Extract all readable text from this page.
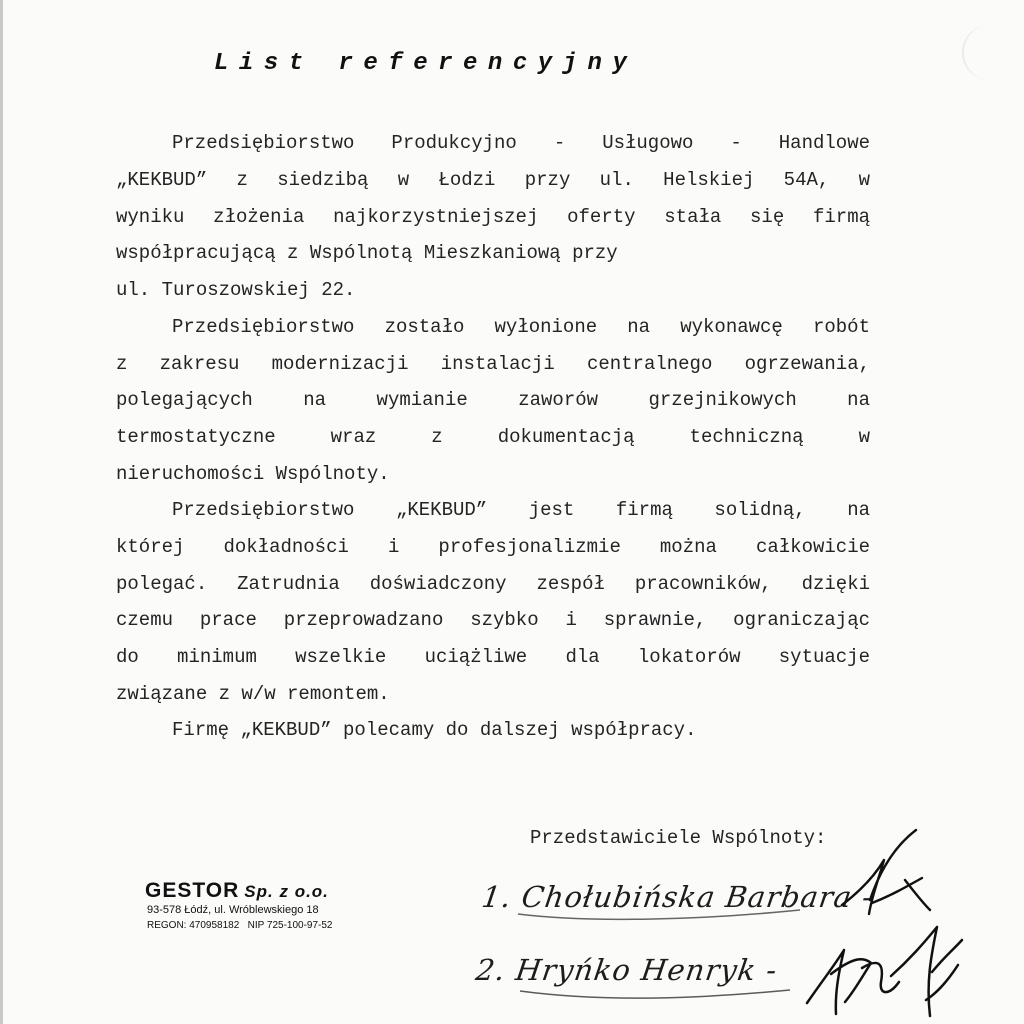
List referencyjny
Przedsiębiorstwo Produkcyjno - Usługowo - Handlowe
„KEKBUD” z siedzibą w Łodzi przy ul. Helskiej 54A, w
wyniku złożenia najkorzystniejszej oferty stała się firmą
współpracującą z Wspólnotą Mieszkaniową przy
ul. Turoszowskiej 22.
Przedsiębiorstwo zostało wyłonione na wykonawcę robót
z zakresu modernizacji instalacji centralnego ogrzewania,
polegających na wymianie zaworów grzejnikowych na
termostatyczne wraz z dokumentacją techniczną w
nieruchomości Wspólnoty.
Przedsiębiorstwo „KEKBUD” jest firmą solidną, na
której dokładności i profesjonalizmie można całkowicie
polegać. Zatrudnia doświadczony zespół pracowników, dzięki
czemu prace przeprowadzano szybko i sprawnie, ograniczając
do minimum wszelkie uciążliwe dla lokatorów sytuacje
związane z w/w remontem.
Firmę „KEKBUD” polecamy do dalszej współpracy.
Przedstawiciele Wspólnoty:
GESTOR Sp. z o.o.
93-578 Łódź, ul. Wróblewskiego 18
REGON: 470958182   NIP 725-100-97-52
1. Chołubińska Barbara -
2. Hryńko Henryk -
